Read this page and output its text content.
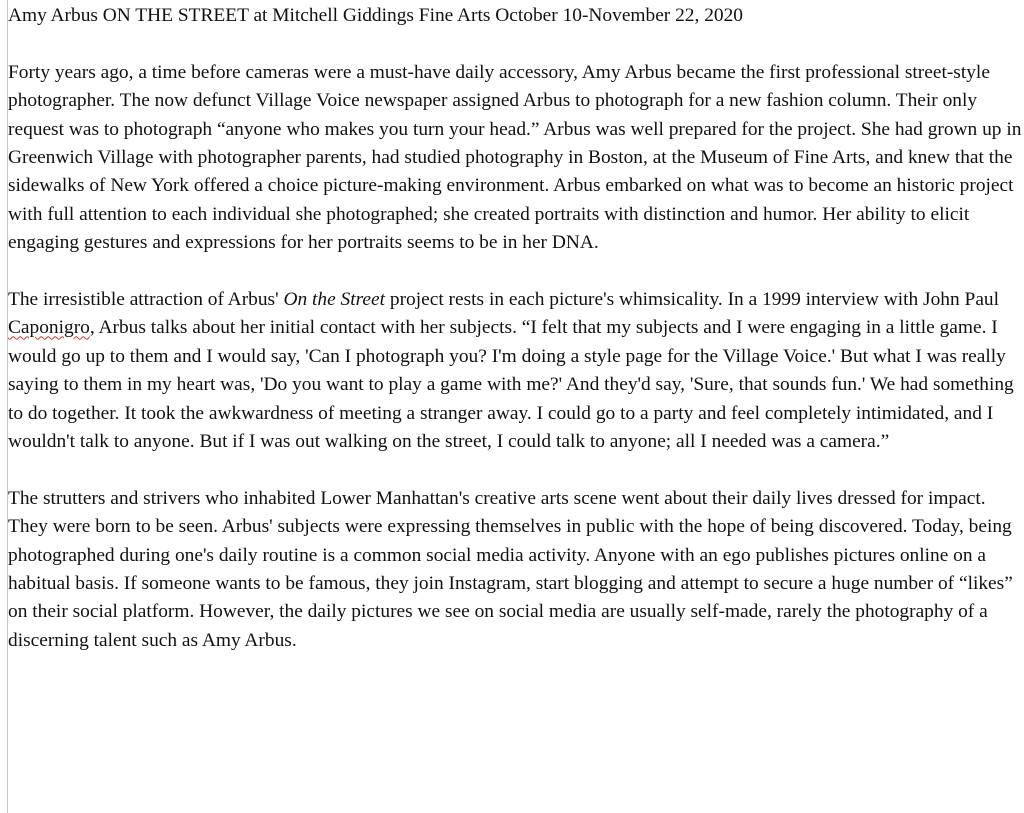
Amy Arbus ON THE STREET at Mitchell Giddings Fine Arts October 10-November 22, 2020

Forty years ago, a time before cameras were a must-have daily accessory, Amy Arbus became the first professional street-style photographer. The now defunct Village Voice newspaper assigned Arbus to photograph for a new fashion column. Their only request was to photograph “anyone who makes you turn your head.” Arbus was well prepared for the project. She had grown up in Greenwich Village with photographer parents, had studied photography in Boston, at the Museum of Fine Arts, and knew that the sidewalks of New York offered a choice picture-making environment. Arbus embarked on what was to become an historic project with full attention to each individual she photographed; she created portraits with distinction and humor. Her ability to elicit engaging gestures and expressions for her portraits seems to be in her DNA.

The irresistible attraction of Arbus' On the Street project rests in each picture's whimsicality. In a 1999 interview with John Paul Caponigro, Arbus talks about her initial contact with her subjects. “I felt that my subjects and I were engaging in a little game. I would go up to them and I would say, 'Can I photograph you? I'm doing a style page for the Village Voice.' But what I was really saying to them in my heart was, 'Do you want to play a game with me?' And they'd say, 'Sure, that sounds fun.' We had something to do together. It took the awkwardness of meeting a stranger away. I could go to a party and feel completely intimidated, and I wouldn't talk to anyone. But if I was out walking on the street, I could talk to anyone; all I needed was a camera.”

The strutters and strivers who inhabited Lower Manhattan's creative arts scene went about their daily lives dressed for impact. They were born to be seen. Arbus' subjects were expressing themselves in public with the hope of being discovered. Today, being photographed during one's daily routine is a common social media activity. Anyone with an ego publishes pictures online on a habitual basis. If someone wants to be famous, they join Instagram, start blogging and attempt to secure a huge number of “likes” on their social platform. However, the daily pictures we see on social media are usually self-made, rarely the photography of a discerning talent such as Amy Arbus.
